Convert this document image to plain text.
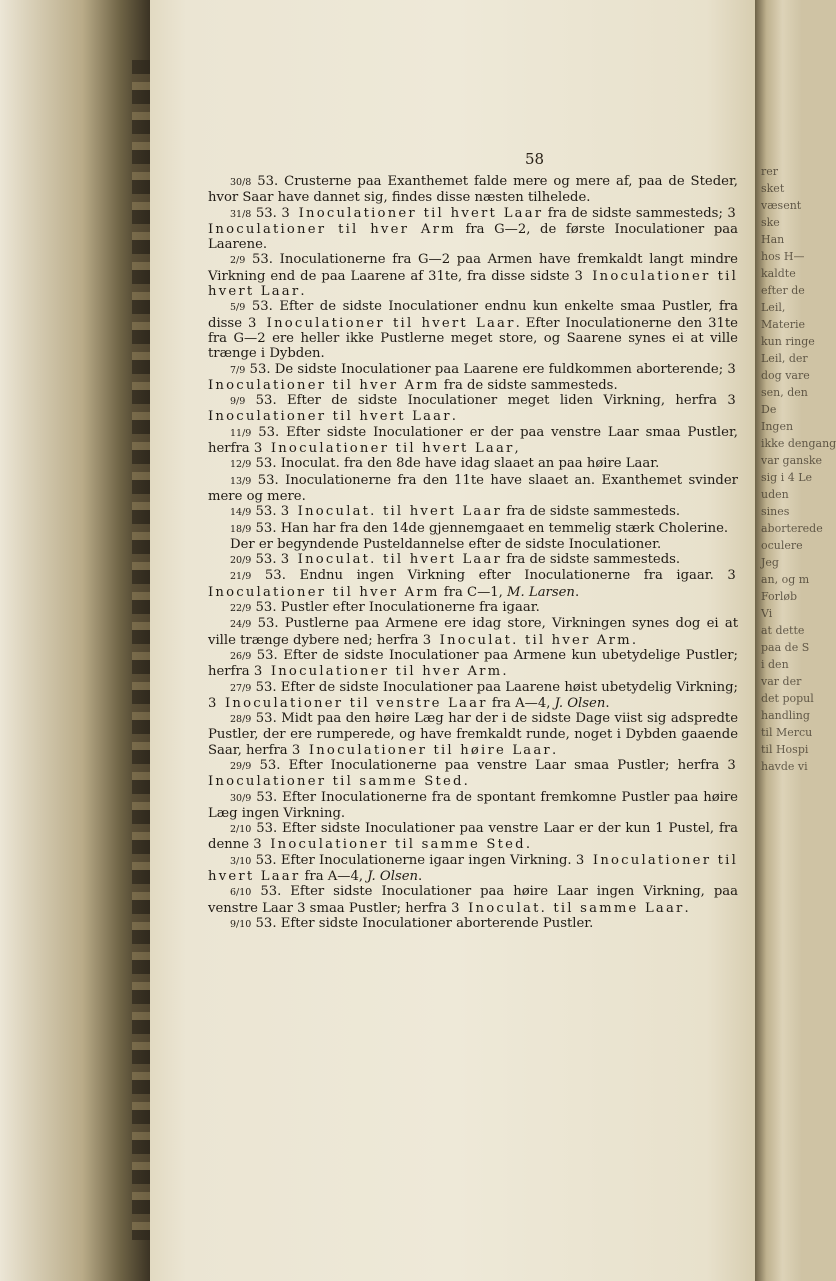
58

30/8 53. Crusterne paa Exanthemet falde mere og mere af, paa de Steder, hvor Saar have dannet sig, findes disse næsten tilhelede.

31/8 53. 3 Inoculationer til hvert Laar fra de sidste sammesteds; 3 Inoculationer til hver Arm fra G—2, de første Inoculationer paa Laarene.

2/9 53. Inoculationerne fra G—2 paa Armen have fremkaldt langt mindre Virkning end de paa Laarene af 31te, fra disse sidste 3 Inoculationer til hvert Laar.

5/9 53. Efter de sidste Inoculationer endnu kun enkelte smaa Pustler, fra disse 3 Inoculationer til hvert Laar. Efter Inoculationerne den 31te fra G—2 ere heller ikke Pustlerne meget store, og Saarene synes ei at ville trænge i Dybden.

7/9 53. De sidste Inoculationer paa Laarene ere fuldkommen aborterende; 3 Inoculationer til hver Arm fra de sidste sammesteds.

9/9 53. Efter de sidste Inoculationer meget liden Virkning, herfra 3 Inoculationer til hvert Laar.

11/9 53. Efter sidste Inoculationer er der paa venstre Laar smaa Pustler, herfra 3 Inoculationer til hvert Laar,

12/9 53. Inoculat. fra den 8de have idag slaaet an paa høire Laar.

13/9 53. Inoculationerne fra den 11te have slaaet an. Exanthemet svinder mere og mere.

14/9 53. 3 Inoculat. til hvert Laar fra de sidste sammesteds.

18/9 53. Han har fra den 14de gjennemgaaet en temmelig stærk Cholerine.

Der er begyndende Pusteldannelse efter de sidste Inoculationer.

20/9 53. 3 Inoculat. til hvert Laar fra de sidste sammesteds.

21/9 53. Endnu ingen Virkning efter Inoculationerne fra igaar. 3 Inoculationer til hver Arm fra C—1, M. Larsen.

22/9 53. Pustler efter Inoculationerne fra igaar.

24/9 53. Pustlerne paa Armene ere idag store, Virkningen synes dog ei at ville trænge dybere ned; herfra 3 Inoculat. til hver Arm.

26/9 53. Efter de sidste Inoculationer paa Armene kun ubetydelige Pustler; herfra 3 Inoculationer til hver Arm.

27/9 53. Efter de sidste Inoculationer paa Laarene høist ubetydelig Virkning; 3 Inoculationer til venstre Laar fra A—4, J. Olsen.

28/9 53. Midt paa den høire Læg har der i de sidste Dage viist sig adspredte Pustler, der ere rumperede, og have fremkaldt runde, noget i Dybden gaaende Saar, herfra 3 Inoculationer til høire Laar.

29/9 53. Efter Inoculationerne paa venstre Laar smaa Pustler; herfra 3 Inoculationer til samme Sted.

30/9 53. Efter Inoculationerne fra de spontant fremkomne Pustler paa høire Læg ingen Virkning.

2/10 53. Efter sidste Inoculationer paa venstre Laar er der kun 1 Pustel, fra denne 3 Inoculationer til samme Sted.

3/10 53. Efter Inoculationerne igaar ingen Virkning. 3 Inoculationer til hvert Laar fra A—4, J. Olsen.

6/10 53. Efter sidste Inoculationer paa høire Laar ingen Virkning, paa venstre Laar 3 smaa Pustler; herfra 3 Inoculat. til samme Laar.

9/10 53. Efter sidste Inoculationer aborterende Pustler.

rer
sket
væsent
ske
Han
hos H—
kaldte
efter de
Leil,
Materie
kun ringe
Leil, der
dog vare
sen, den
De
Ingen
ikke dengang
var ganske
sig i 4 Le
uden
sines
aborterede
oculere
Jeg
an, og m
Forløb
Vi
at dette
paa de S
i den
var der
det popul
handling
til Mercu
til Hospi
havde vi
